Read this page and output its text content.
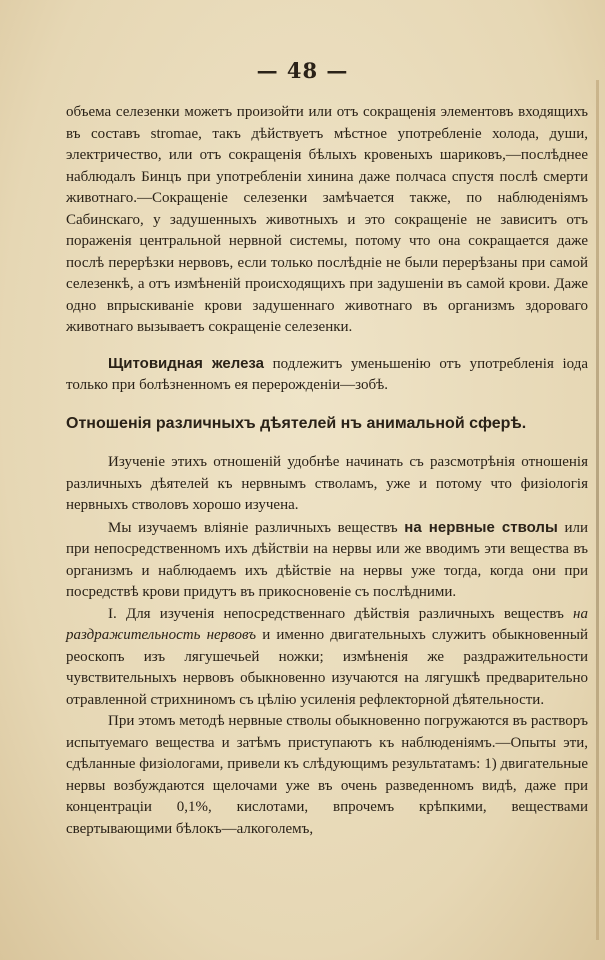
— 48 —

объема селезенки можетъ произойти или отъ сокращенія элементовъ входящихъ въ составъ stromae, такъ дѣйствуетъ мѣстное употребленіе холода, души, электричество, или отъ сокращенія бѣлыхъ кровеныхъ шариковъ,—послѣднее наблюдалъ Бинцъ при употребленіи хинина даже полчаса спустя послѣ смерти животнаго.—Сокращеніе селезенки замѣчается также, по наблюденіямъ Сабинскаго, у задушенныхъ животныхъ и это сокращеніе не зависитъ отъ пораженія центральной нервной системы, потому что она сокращается даже послѣ перерѣзки нервовъ, если только послѣдніе не были перерѣзаны при самой селезенкѣ, а отъ измѣненій происходящихъ при задушеніи въ самой крови. Даже одно впрыскиваніе крови задушеннаго животнаго въ организмъ здороваго животнаго вызываетъ сокращеніе селезенки.

Щитовидная железа подлежитъ уменьшенію отъ употребленія іода только при болѣзненномъ ея перерожденіи—зобѣ.

Отношенія различныхъ дѣятелей нъ анимальной сферѣ.

Изученіе этихъ отношеній удобнѣе начинать съ разсмотрѣнія отношенія различныхъ дѣятелей къ нервнымъ стволамъ, уже и потому что физіологія нервныхъ стволовъ хорошо изучена.

Мы изучаемъ вліяніе различныхъ веществъ на нервные стволы или при непосредственномъ ихъ дѣйствіи на нервы или же вводимъ эти вещества въ организмъ и наблюдаемъ ихъ дѣйствіе на нервы уже тогда, когда они при посредствѣ крови придутъ въ прикосновеніе съ послѣдними.

I. Для изученія непосредственнаго дѣйствія различныхъ веществъ на раздражительность нервовъ и именно двигательныхъ служитъ обыкновенный реоскопъ изъ лягушечьей ножки; измѣненія же раздражительности чувствительныхъ нервовъ обыкновенно изучаются на лягушкѣ предварительно отравленной стрихниномъ съ цѣлію усиленія рефлекторной дѣятельности.

При этомъ методѣ нервные стволы обыкновенно погружаются въ растворъ испытуемаго вещества и затѣмъ приступаютъ къ наблюденіямъ.—Опыты эти, сдѣланные физіологами, привели къ слѣдующимъ результатамъ: 1) двигательные нервы возбуждаются щелочами уже въ очень разведенномъ видѣ, даже при концентраціи 0,1%, кислотами, впрочемъ крѣпкими, веществами свертывающими бѣлокъ—алкоголемъ,
